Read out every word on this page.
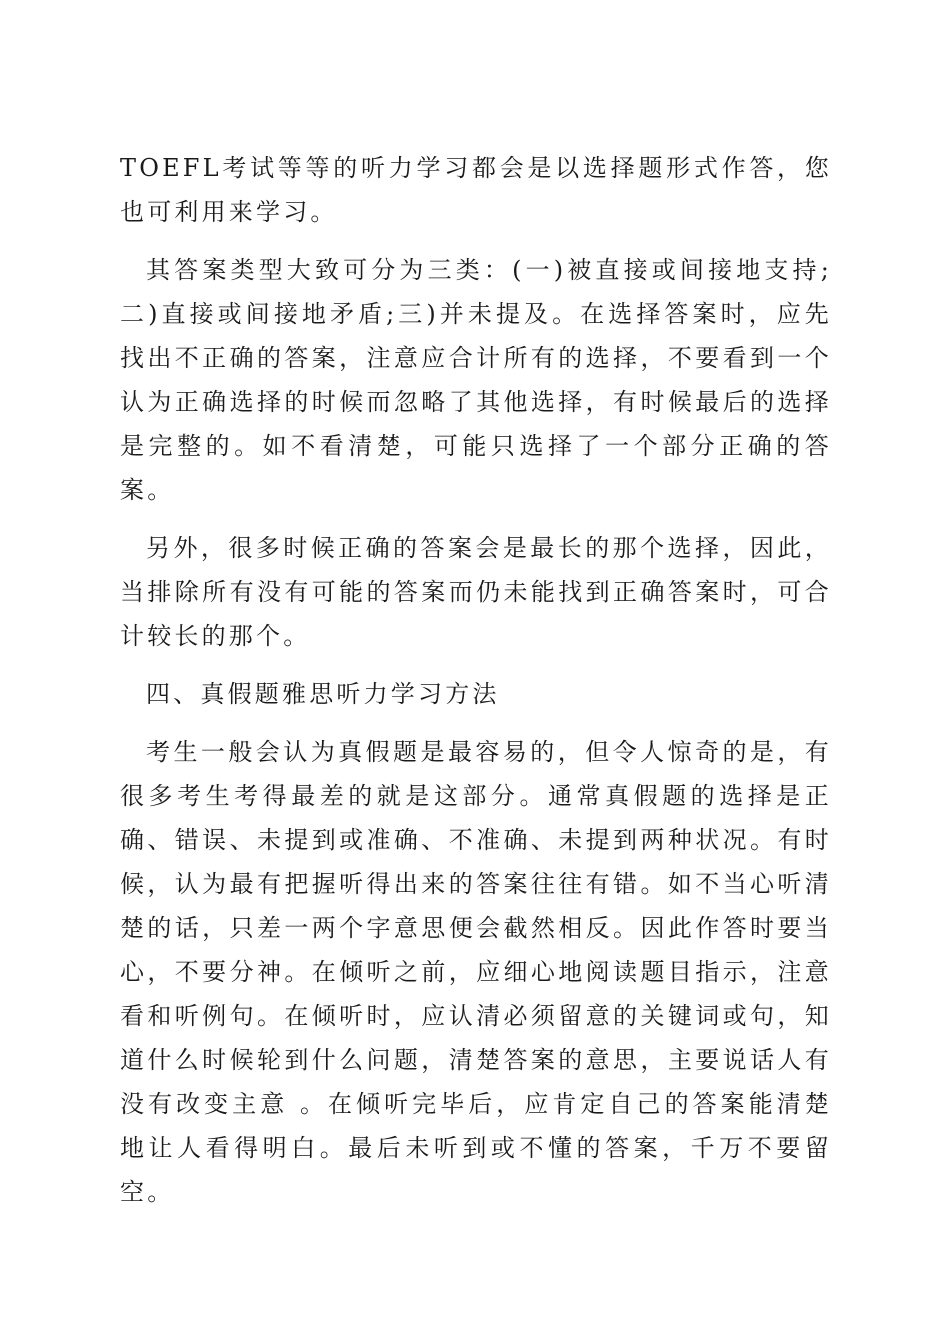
TOEFL考试等等的听力学习都会是以选择题形式作答，您也可利用来学习。

其答案类型大致可分为三类：(一)被直接或间接地支持;二)直接或间接地矛盾;三)并未提及。在选择答案时，应先找出不正确的答案，注意应合计所有的选择，不要看到一个认为正确选择的时候而忽略了其他选择，有时候最后的选择是完整的。如不看清楚，可能只选择了一个部分正确的答案。

另外，很多时候正确的答案会是最长的那个选择，因此，当排除所有没有可能的答案而仍未能找到正确答案时，可合计较长的那个。

四、真假题雅思听力学习方法

考生一般会认为真假题是最容易的，但令人惊奇的是，有很多考生考得最差的就是这部分。通常真假题的选择是正确、错误、未提到或准确、不准确、未提到两种状况。有时候，认为最有把握听得出来的答案往往有错。如不当心听清楚的话，只差一两个字意思便会截然相反。因此作答时要当心，不要分神。在倾听之前，应细心地阅读题目指示，注意看和听例句。在倾听时，应认清必须留意的关键词或句，知道什么时候轮到什么问题，清楚答案的意思，主要说话人有没有改变主意 。在倾听完毕后，应肯定自己的答案能清楚地让人看得明白。最后未听到或不懂的答案，千万不要留空。
